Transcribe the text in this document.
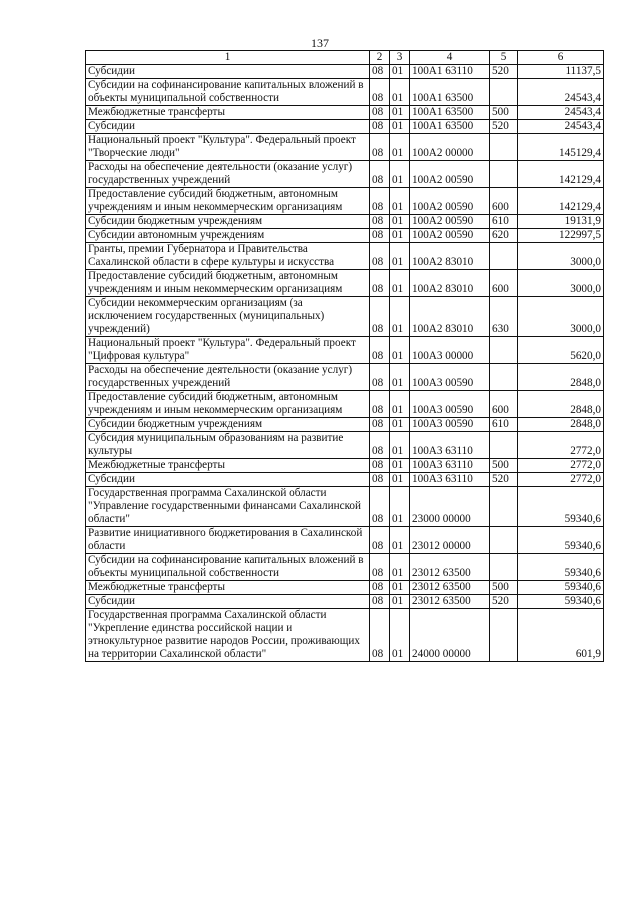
137
1	2	3	4	5	6
Субсидии	08	01	100А1 63110	520	11137,5
Субсидии на софинансирование капитальных вложений в объекты муниципальной собственности	08	01	100А1 63500		24543,4
Межбюджетные трансферты	08	01	100А1 63500	500	24543,4
Субсидии	08	01	100А1 63500	520	24543,4
Национальный проект "Культура". Федеральный проект "Творческие люди"	08	01	100А2 00000		145129,4
Расходы на обеспечение деятельности (оказание услуг) государственных учреждений	08	01	100А2 00590		142129,4
Предоставление субсидий бюджетным, автономным учреждениям и иным некоммерческим организациям	08	01	100А2 00590	600	142129,4
Субсидии бюджетным учреждениям	08	01	100А2 00590	610	19131,9
Субсидии автономным учреждениям	08	01	100А2 00590	620	122997,5
Гранты, премии Губернатора и Правительства Сахалинской области в сфере культуры и искусства	08	01	100А2 83010		3000,0
Предоставление субсидий бюджетным, автономным учреждениям и иным некоммерческим организациям	08	01	100А2 83010	600	3000,0
Субсидии некоммерческим организациям (за исключением государственных (муниципальных) учреждений)	08	01	100А2 83010	630	3000,0
Национальный проект "Культура". Федеральный проект "Цифровая культура"	08	01	100А3 00000		5620,0
Расходы на обеспечение деятельности (оказание услуг) государственных учреждений	08	01	100А3 00590		2848,0
Предоставление субсидий бюджетным, автономным учреждениям и иным некоммерческим организациям	08	01	100А3 00590	600	2848,0
Субсидии бюджетным учреждениям	08	01	100А3 00590	610	2848,0
Субсидия муниципальным образованиям на развитие культуры	08	01	100А3 63110		2772,0
Межбюджетные трансферты	08	01	100А3 63110	500	2772,0
Субсидии	08	01	100А3 63110	520	2772,0
Государственная программа Сахалинской области "Управление государственными финансами Сахалинской области"	08	01	23000 00000		59340,6
Развитие инициативного бюджетирования в Сахалинской области	08	01	23012 00000		59340,6
Субсидии на софинансирование капитальных вложений в объекты муниципальной собственности	08	01	23012 63500		59340,6
Межбюджетные трансферты	08	01	23012 63500	500	59340,6
Субсидии	08	01	23012 63500	520	59340,6
Государственная программа Сахалинской области "Укрепление единства российской нации и этнокультурное развитие народов России, проживающих на территории Сахалинской области"	08	01	24000 00000		601,9
